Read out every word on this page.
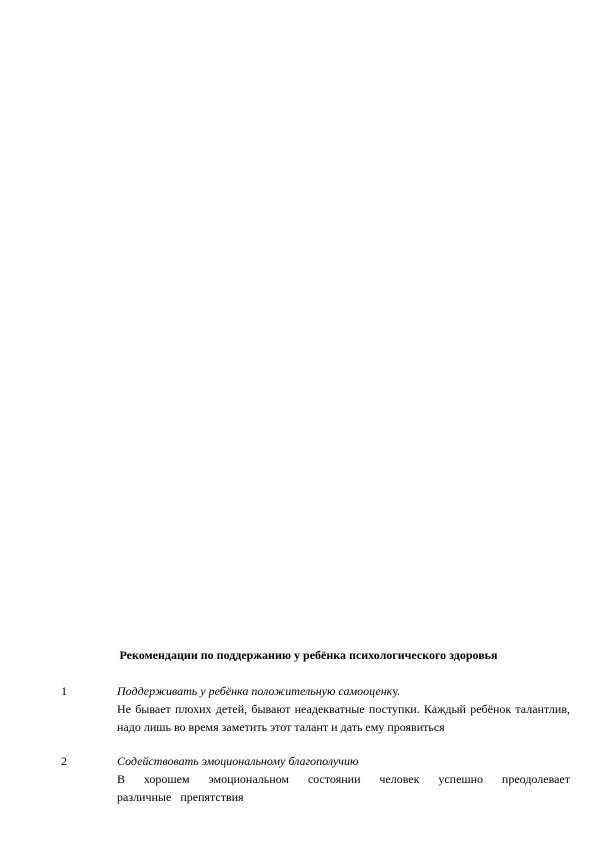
Рекомендации по поддержанию у ребёнка психологического здоровья
1	Поддерживать у ребёнка положительную самооценку.
Не бывает плохих детей, бывают неадекватные поступки. Каждый ребёнок талантлив, надо лишь во время заметить этот талант и дать ему проявиться
2	Содействовать эмоциональному благополучию
В хорошем эмоциональном состоянии человек успешно преодолевает различные препятствия
